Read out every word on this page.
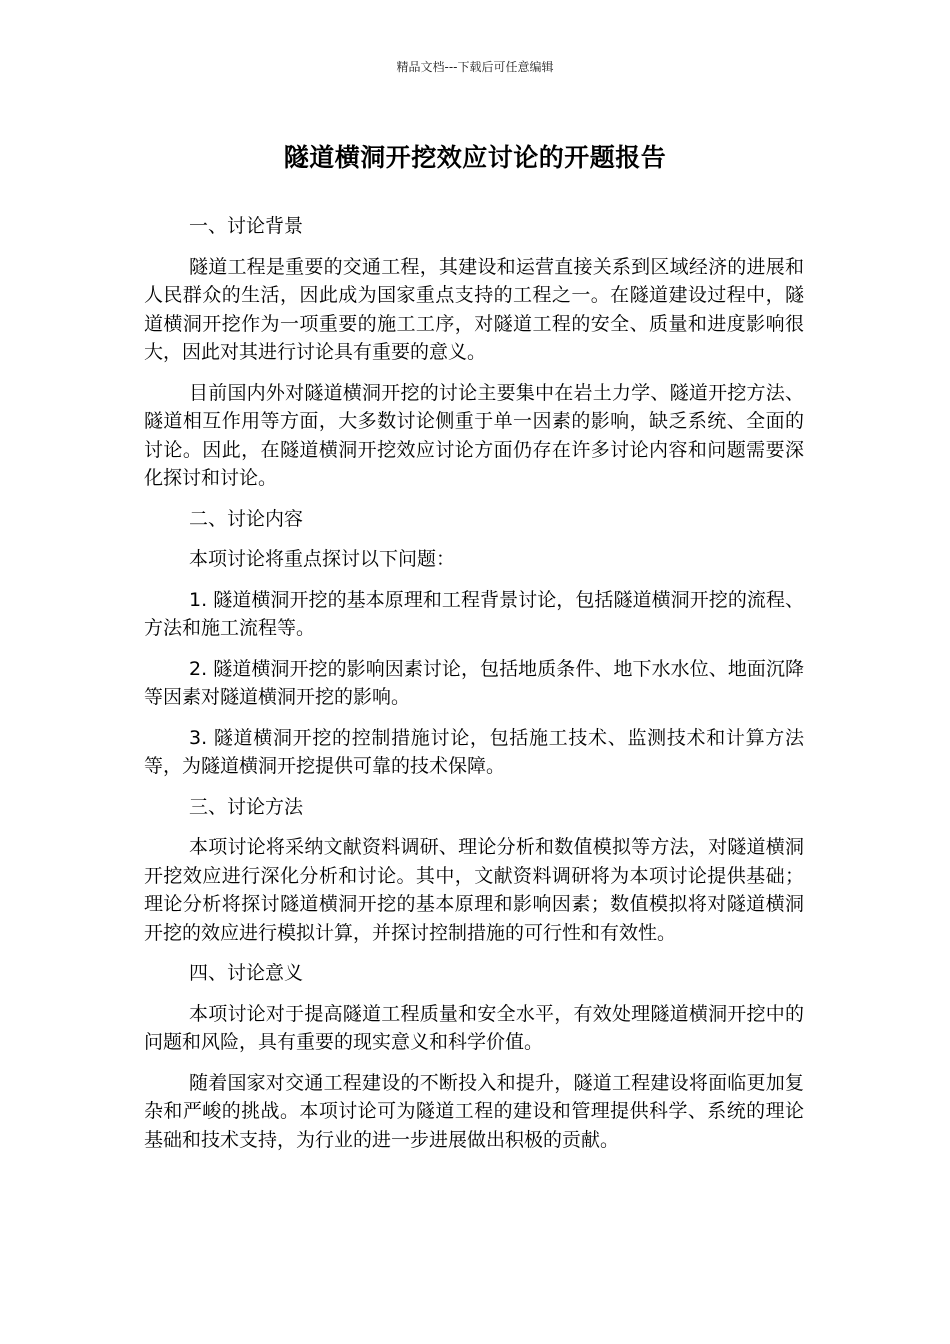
精品文档---下载后可任意编辑
隧道横洞开挖效应讨论的开题报告
一、讨论背景
隧道工程是重要的交通工程，其建设和运营直接关系到区域经济的进展和人民群众的生活，因此成为国家重点支持的工程之一。在隧道建设过程中，隧道横洞开挖作为一项重要的施工工序，对隧道工程的安全、质量和进度影响很大，因此对其进行讨论具有重要的意义。
目前国内外对隧道横洞开挖的讨论主要集中在岩土力学、隧道开挖方法、隧道相互作用等方面，大多数讨论侧重于单一因素的影响，缺乏系统、全面的讨论。因此，在隧道横洞开挖效应讨论方面仍存在许多讨论内容和问题需要深化探讨和讨论。
二、讨论内容
本项讨论将重点探讨以下问题：
1. 隧道横洞开挖的基本原理和工程背景讨论，包括隧道横洞开挖的流程、方法和施工流程等。
2. 隧道横洞开挖的影响因素讨论，包括地质条件、地下水水位、地面沉降等因素对隧道横洞开挖的影响。
3. 隧道横洞开挖的控制措施讨论，包括施工技术、监测技术和计算方法等，为隧道横洞开挖提供可靠的技术保障。
三、讨论方法
本项讨论将采纳文献资料调研、理论分析和数值模拟等方法，对隧道横洞开挖效应进行深化分析和讨论。其中，文献资料调研将为本项讨论提供基础；理论分析将探讨隧道横洞开挖的基本原理和影响因素；数值模拟将对隧道横洞开挖的效应进行模拟计算，并探讨控制措施的可行性和有效性。
四、讨论意义
本项讨论对于提高隧道工程质量和安全水平，有效处理隧道横洞开挖中的问题和风险，具有重要的现实意义和科学价值。
随着国家对交通工程建设的不断投入和提升，隧道工程建设将面临更加复杂和严峻的挑战。本项讨论可为隧道工程的建设和管理提供科学、系统的理论基础和技术支持，为行业的进一步进展做出积极的贡献。
